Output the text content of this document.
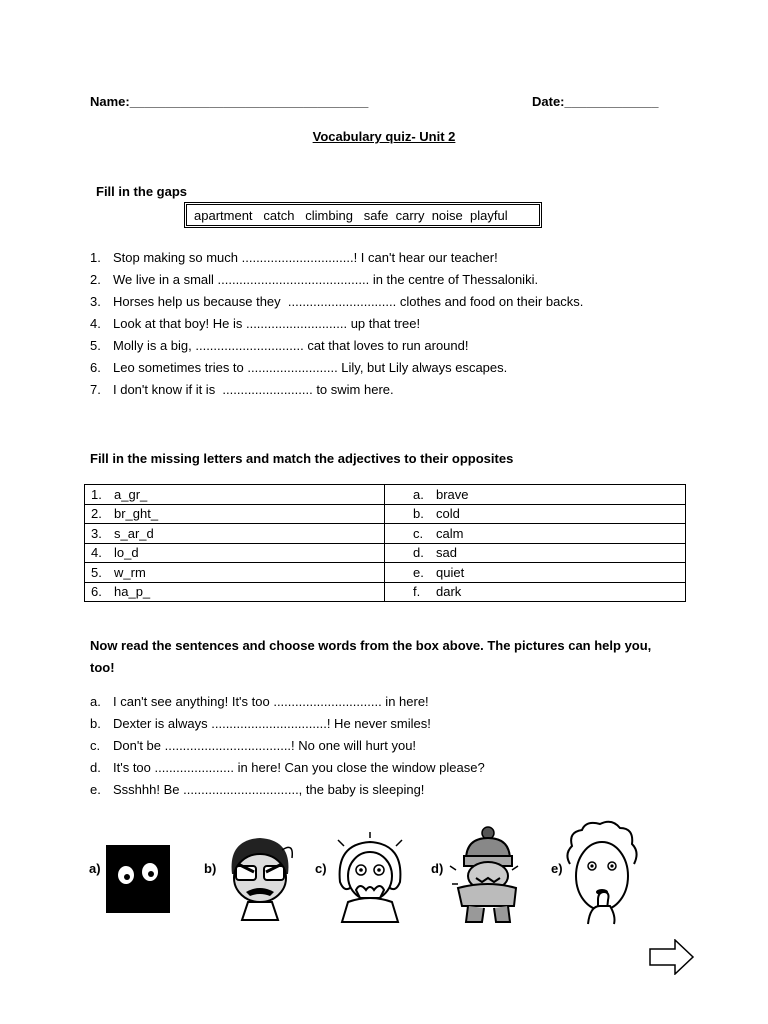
Name:_________________________________	Date:_____________
Vocabulary quiz- Unit 2
Fill in the gaps
apartment   catch   climbing   safe  carry  noise  playful
1. Stop making so much ...............................! I can't hear our teacher!
2. We live in a small .......................................... in the centre of Thessaloniki.
3. Horses help us because they  .............................. clothes and food on their backs.
4. Look at that boy! He is ............................ up that tree!
5. Molly is a big, .............................. cat that loves to run around!
6. Leo sometimes tries to ......................... Lily, but Lily always escapes.
7. I don't know if it is  ......................... to swim here.
Fill in the missing letters and match the adjectives to their opposites
1. a_gr_	a. brave

2. br_ght_	b. cold

3. s_ar_d	c. calm

4. lo_d	d. sad

5. w_rm	e. quiet

6. ha_p_	f. dark
Now read the sentences and choose words from the box above. The pictures can help you,
too!
a. I can't see anything! It's too .............................. in here!
b. Dexter is always ................................! He never smiles!
c. Don't be ...................................! No one will hurt you!
d. It's too ...................... in here! Can you close the window please?
e. Ssshhh! Be ................................, the baby is sleeping!
a)	b)	c)	d)	e)
